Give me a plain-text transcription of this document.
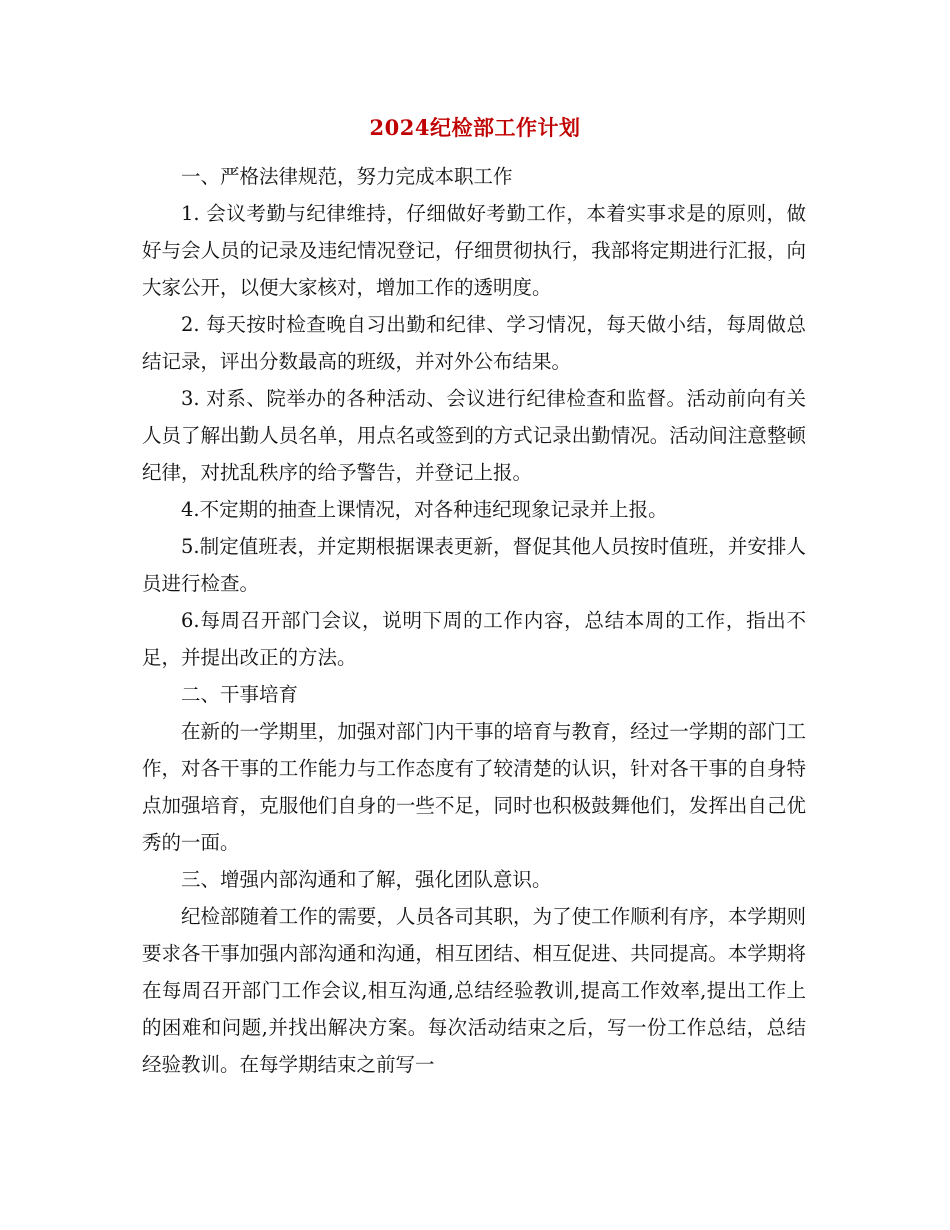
2024纪检部工作计划

一、严格法律规范，努力完成本职工作

1. 会议考勤与纪律维持，仔细做好考勤工作，本着实事求是的原则，做好与会人员的记录及违纪情况登记，仔细贯彻执行，我部将定期进行汇报，向大家公开，以便大家核对，增加工作的透明度。

2. 每天按时检查晚自习出勤和纪律、学习情况，每天做小结，每周做总结记录，评出分数最高的班级，并对外公布结果。

3. 对系、院举办的各种活动、会议进行纪律检查和监督。活动前向有关人员了解出勤人员名单，用点名或签到的方式记录出勤情况。活动间注意整顿纪律，对扰乱秩序的给予警告，并登记上报。

4.不定期的抽查上课情况，对各种违纪现象记录并上报。

5.制定值班表，并定期根据课表更新，督促其他人员按时值班，并安排人员进行检查。

6.每周召开部门会议，说明下周的工作内容，总结本周的工作，指出不足，并提出改正的方法。

二、干事培育

在新的一学期里，加强对部门内干事的培育与教育，经过一学期的部门工作，对各干事的工作能力与工作态度有了较清楚的认识，针对各干事的自身特点加强培育，克服他们自身的一些不足，同时也积极鼓舞他们，发挥出自己优秀的一面。

三、增强内部沟通和了解，强化团队意识。

纪检部随着工作的需要，人员各司其职，为了使工作顺利有序，本学期则要求各干事加强内部沟通和沟通，相互团结、相互促进、共同提高。本学期将在每周召开部门工作会议,相互沟通,总结经验教训,提高工作效率,提出工作上的困难和问题,并找出解决方案。每次活动结束之后，写一份工作总结，总结经验教训。在每学期结束之前写一
